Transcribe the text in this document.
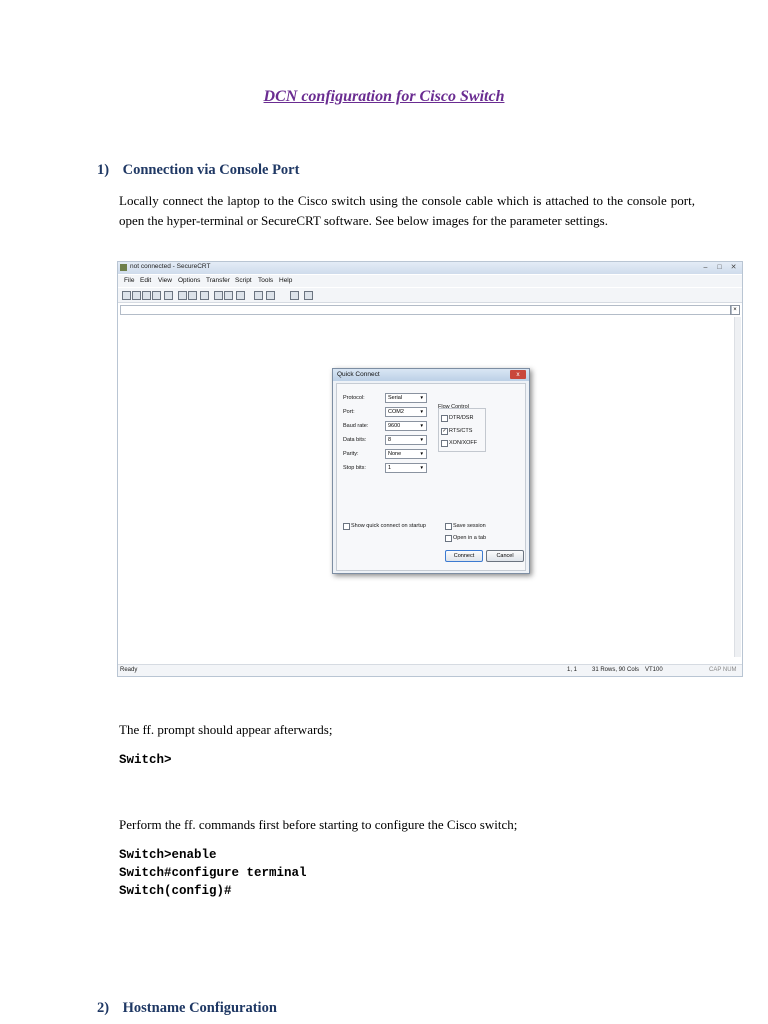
DCN configuration for Cisco Switch
1) Connection via Console Port
Locally connect the laptop to the Cisco switch using the console cable which is attached to the console port, open the hyper-terminal or SecureCRT software. See below images for the parameter settings.
not connected - SecureCRT	–	□	✕
File Edit View Options Transfer Script Tools Help
×
Quick Connect	x
Protocol:	Serial	▼
Port:	COM2	▼
Baud rate:	9600	▼
Data bits:	8	▼
Parity:	None	▼
Stop bits:	1	▼
Flow Control
DTR/DSR
✓ RTS/CTS
XON/XOFF
Show quick connect on startup	Save session
Open in a tab
Connect	Cancel
Ready	1, 1 31 Rows, 90 Cols VT100	CAP NUM
The ff. prompt should appear afterwards;
Switch>
Perform the ff. commands first before starting to configure the Cisco switch;
Switch>enable
Switch#configure terminal
Switch(config)#
2) Hostname Configuration
